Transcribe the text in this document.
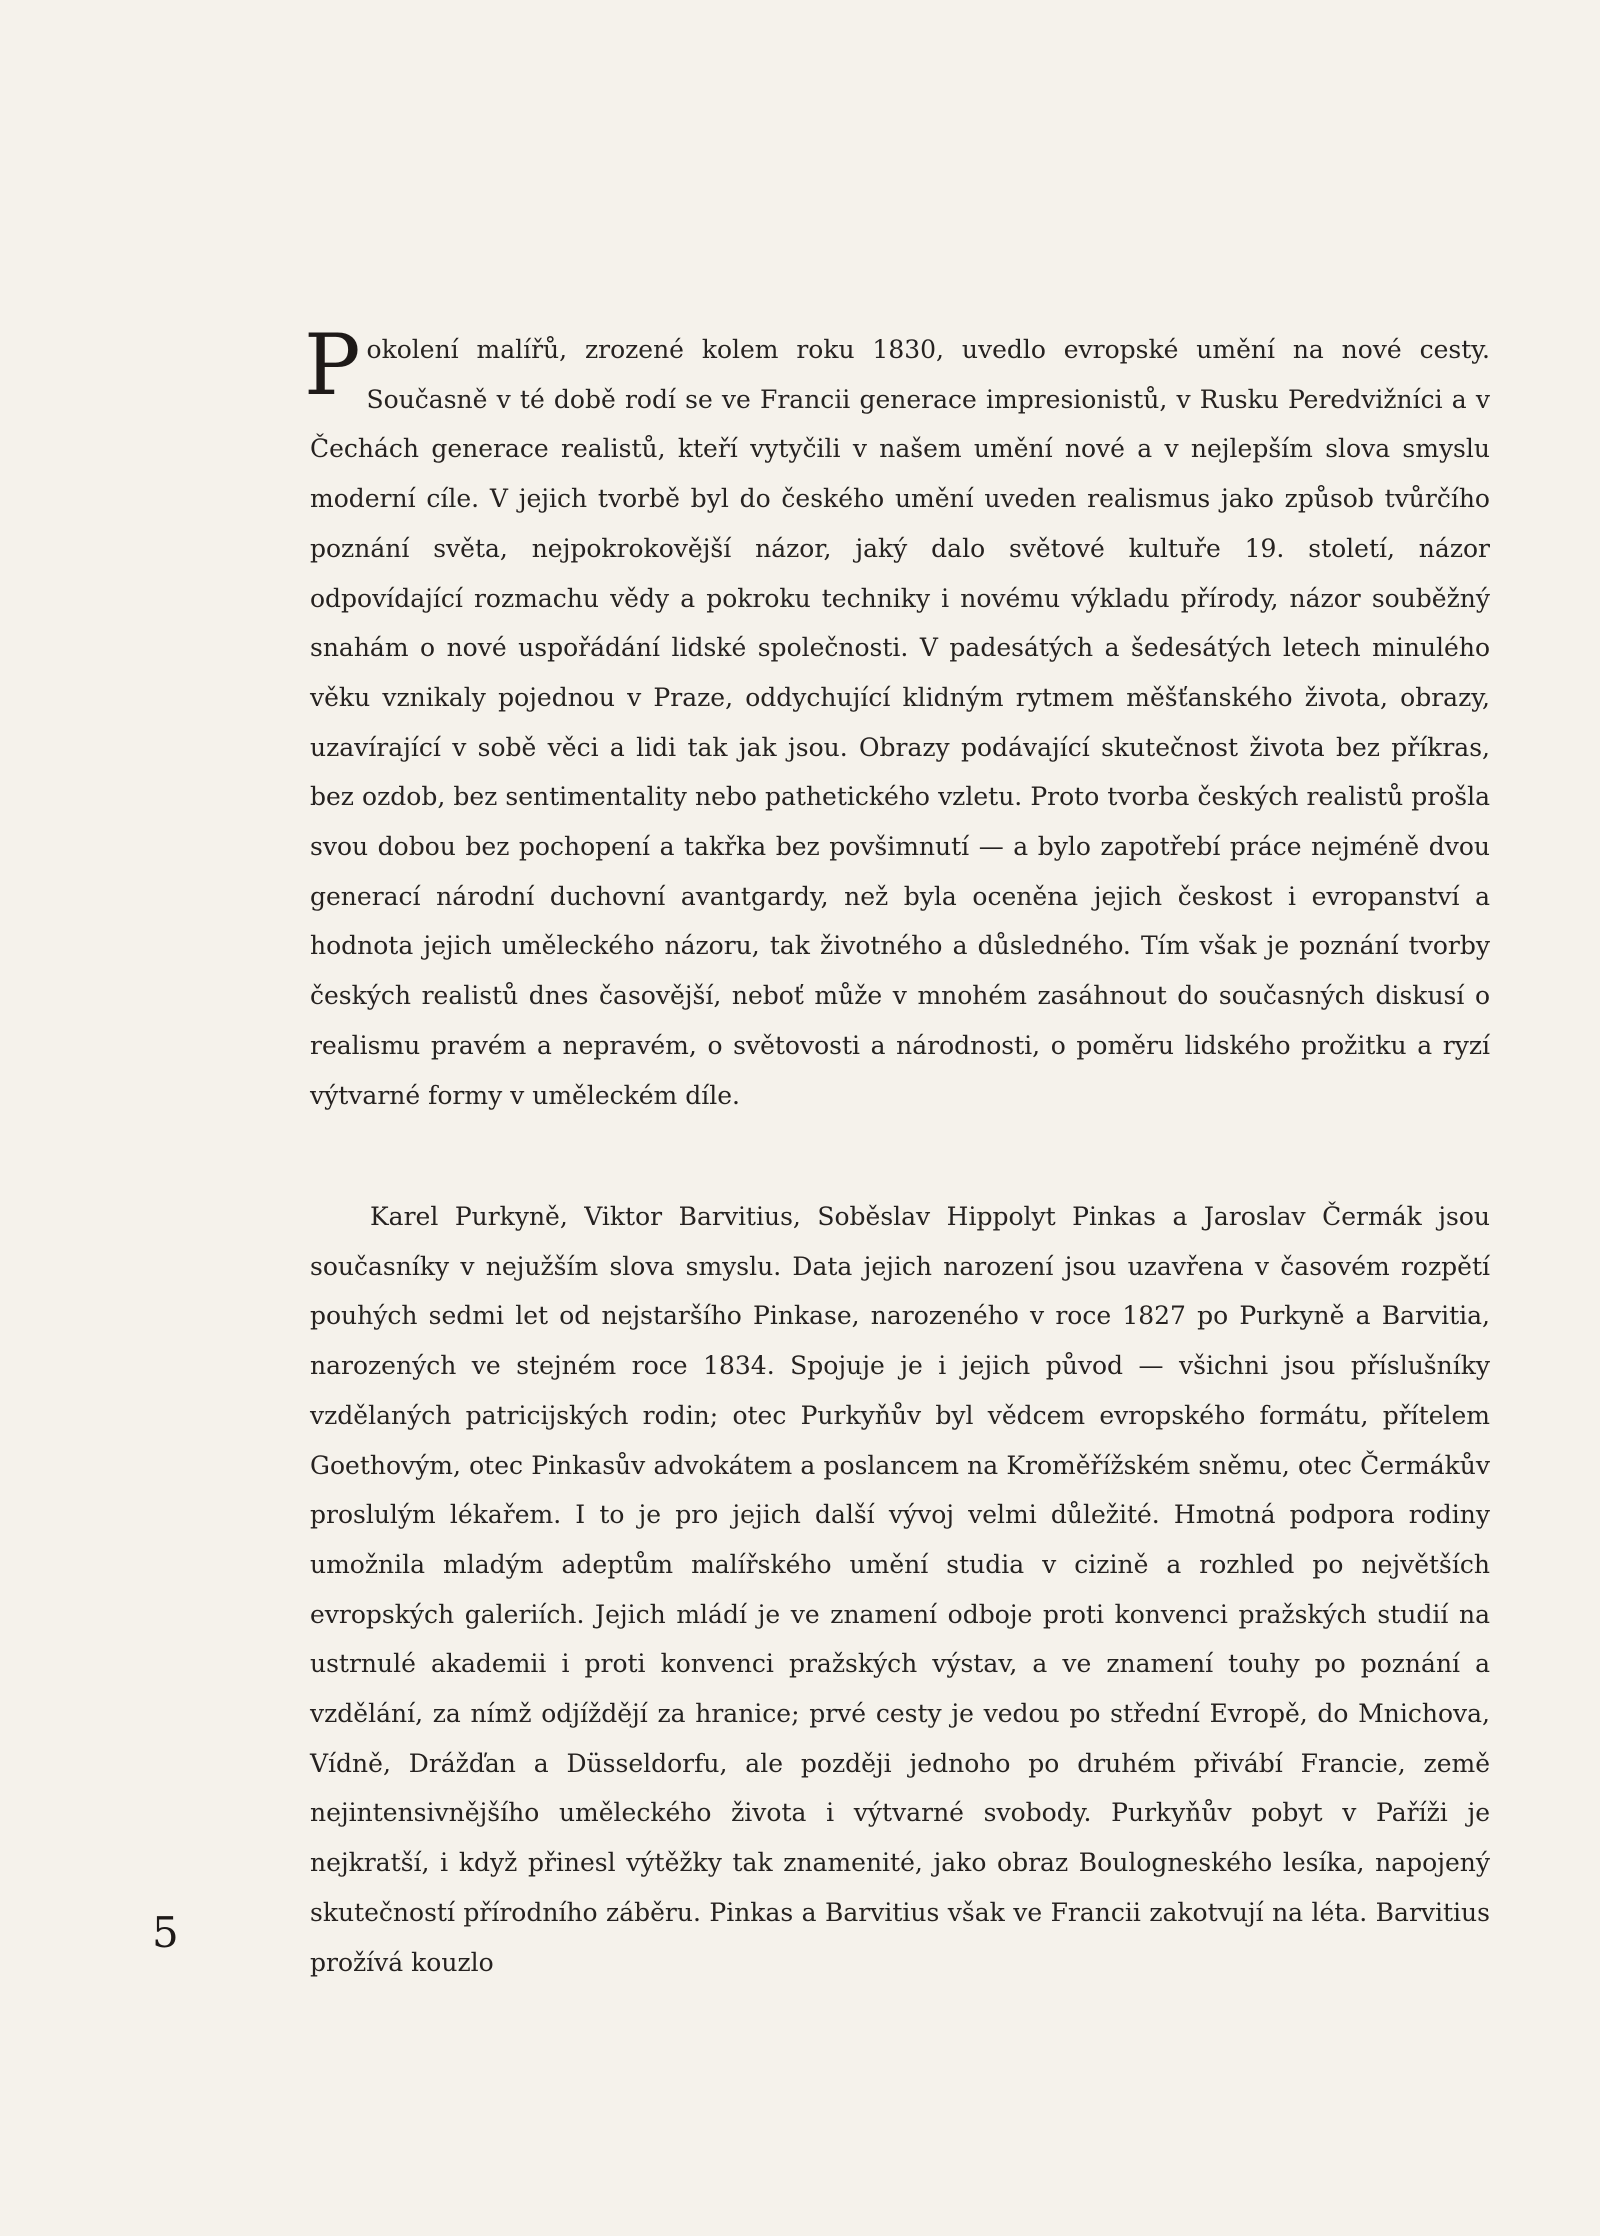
Pokolení malířů, zrozené kolem roku 1830, uvedlo evropské umění na nové cesty. Současně v té době rodí se ve Francii generace impresionistů, v Rusku Peredvižníci a v Čechách generace realistů, kteří vytyčili v našem umění nové a v nejlepším slova smyslu moderní cíle. V jejich tvorbě byl do českého umění uveden realismus jako způsob tvůrčího poznání světa, nejpokrokovější názor, jaký dalo světové kultuře 19. století, názor odpovídající rozmachu vědy a pokroku techniky i novému výkladu přírody, názor souběžný snahám o nové uspořádání lidské společnosti. V padesátých a šedesátých letech minulého věku vznikaly pojednou v Praze, oddychující klidným rytmem měšťanského života, obrazy, uzavírající v sobě věci a lidi tak jak jsou. Obrazy podávající skutečnost života bez příkras, bez ozdob, bez sentimentality nebo pathetického vzletu. Proto tvorba českých realistů prošla svou dobou bez pochopení a takřka bez povšimnutí — a bylo zapotřebí práce nejméně dvou generací národní duchovní avantgardy, než byla oceněna jejich českost i evropanství a hodnota jejich uměleckého názoru, tak životného a důsledného. Tím však je poznání tvorby českých realistů dnes časovější, neboť může v mnohém zasáhnout do současných diskusí o realismu pravém a nepravém, o světovosti a národnosti, o poměru lidského prožitku a ryzí výtvarné formy v uměleckém díle.

Karel Purkyně, Viktor Barvitius, Soběslav Hippolyt Pinkas a Jaroslav Čermák jsou současníky v nejužším slova smyslu. Data jejich narození jsou uzavřena v časovém rozpětí pouhých sedmi let od nejstaršího Pinkase, narozeného v roce 1827 po Purkyně a Barvitia, narozených ve stejném roce 1834. Spojuje je i jejich původ — všichni jsou příslušníky vzdělaných patricijských rodin; otec Purkyňův byl vědcem evropského formátu, přítelem Goethovým, otec Pinkasův advokátem a poslancem na Kroměřížském sněmu, otec Čermákův proslulým lékařem. I to je pro jejich další vývoj velmi důležité. Hmotná podpora rodiny umožnila mladým adeptům malířského umění studia v cizině a rozhled po největších evropských galeriích. Jejich mládí je ve znamení odboje proti konvenci pražských studií na ustrnulé akademii i proti konvenci pražských výstav, a ve znamení touhy po poznání a vzdělání, za nímž odjíždějí za hranice; prvé cesty je vedou po střední Evropě, do Mnichova, Vídně, Drážďan a Düsseldorfu, ale později jednoho po druhém přivábí Francie, země nejintensivnějšího uměleckého života i výtvarné svobody. Purkyňův pobyt v Paříži je nejkratší, i když přinesl výtěžky tak znamenité, jako obraz Boulogneského lesíka, napojený skutečností přírodního záběru. Pinkas a Barvitius však ve Francii zakotvují na léta. Barvitius prožívá kouzlo

5
